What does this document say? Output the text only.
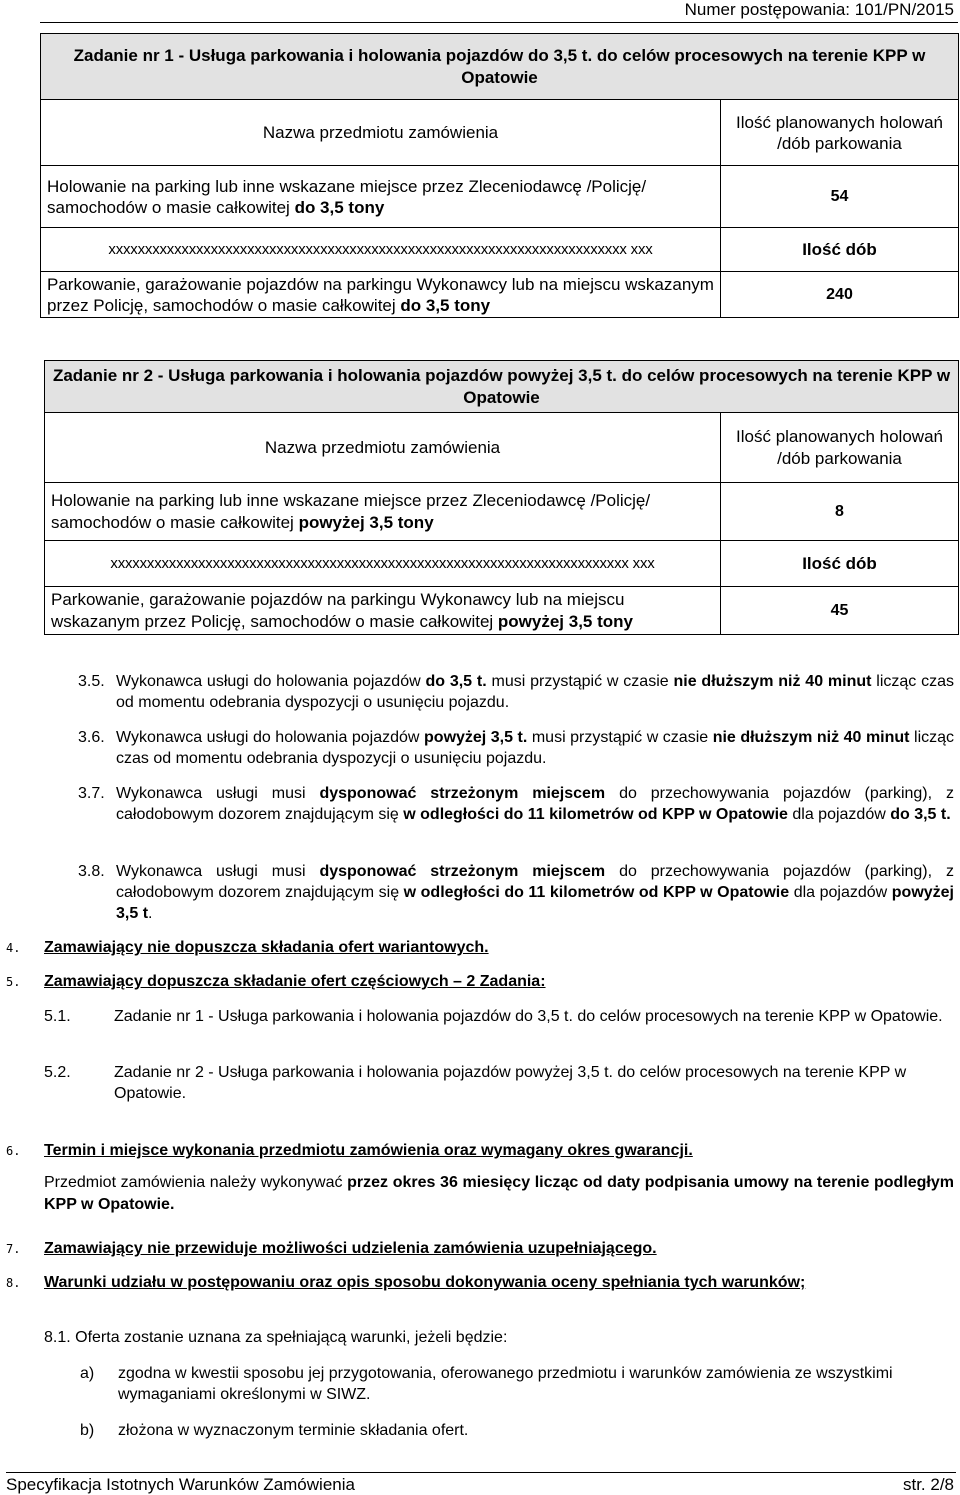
Numer postępowania: 101/PN/2015
Zadanie nr 1 - Usługa parkowania i holowania pojazdów do 3,5 t. do celów procesowych na terenie KPP w Opatowie	
Nazwa przedmiotu zamówienia	Ilość planowanych holowań /dób parkowania
Holowanie na parking lub inne wskazane miejsce przez Zleceniodawcę /Policję/ samochodów o masie całkowitej do 3,5 tony	54
xxxxxxxxxxxxxxxxxxxxxxxxxxxxxxxxxxxxxxxxxxxxxxxxxxxxxxxxxxxxxxxxxxxxxxx xxx	Ilość dób
Parkowanie, garażowanie pojazdów na parkingu Wykonawcy lub na miejscu wskazanym przez Policję, samochodów o masie całkowitej do 3,5 tony	240
Zadanie nr 2 - Usługa parkowania i holowania pojazdów powyżej 3,5 t. do celów procesowych na terenie KPP w Opatowie	
Nazwa przedmiotu zamówienia	Ilość planowanych holowań /dób parkowania
Holowanie na parking lub inne wskazane miejsce przez Zleceniodawcę /Policję/ samochodów o masie całkowitej powyżej 3,5 tony	8
xxxxxxxxxxxxxxxxxxxxxxxxxxxxxxxxxxxxxxxxxxxxxxxxxxxxxxxxxxxxxxxxxxxxxxx xxx	Ilość dób
Parkowanie, garażowanie pojazdów na parkingu Wykonawcy lub na miejscu wskazanym przez Policję, samochodów o masie całkowitej powyżej 3,5 tony	45
3.5. Wykonawca usługi do holowania pojazdów do 3,5 t. musi przystąpić w czasie nie dłuższym niż 40 minut licząc czas od momentu odebrania dyspozycji o usunięciu pojazdu.
3.6. Wykonawca usługi do holowania pojazdów powyżej 3,5 t. musi przystąpić w czasie nie dłuższym niż 40 minut licząc czas od momentu odebrania dyspozycji o usunięciu pojazdu.
3.7. Wykonawca usługi musi dysponować strzeżonym miejscem do przechowywania pojazdów (parking), z całodobowym dozorem znajdującym się w odległości do 11 kilometrów od KPP w Opatowie dla pojazdów do 3,5 t.
3.8. Wykonawca usługi musi dysponować strzeżonym miejscem do przechowywania pojazdów (parking), z całodobowym dozorem znajdującym się w odległości do 11 kilometrów od KPP w Opatowie dla pojazdów powyżej 3,5 t.
4.	Zamawiający nie dopuszcza składania ofert wariantowych.
5.	Zamawiający dopuszcza składanie ofert częściowych – 2 Zadania:
5.1.	Zadanie nr 1 - Usługa parkowania i holowania pojazdów do 3,5 t. do celów procesowych na terenie KPP w Opatowie.
5.2.	Zadanie nr 2 - Usługa parkowania i holowania pojazdów powyżej 3,5 t. do celów procesowych na terenie KPP w Opatowie.
6.	Termin i miejsce wykonania przedmiotu zamówienia oraz wymagany okres gwarancji.
Przedmiot zamówienia należy wykonywać przez okres 36 miesięcy licząc od daty podpisania umowy na terenie podległym KPP w Opatowie.
7.	Zamawiający nie przewiduje możliwości udzielenia zamówienia uzupełniającego.
8.	Warunki udziału w postępowaniu oraz opis sposobu dokonywania oceny spełniania tych warunków;
8.1. Oferta zostanie uznana za spełniającą warunki, jeżeli będzie:
a)	zgodna w kwestii sposobu jej przygotowania, oferowanego przedmiotu i warunków zamówienia ze wszystkimi wymaganiami określonymi w SIWZ.
b)	złożona w wyznaczonym terminie składania ofert.
Specyfikacja Istotnych Warunków Zamówienia	str. 2/8
